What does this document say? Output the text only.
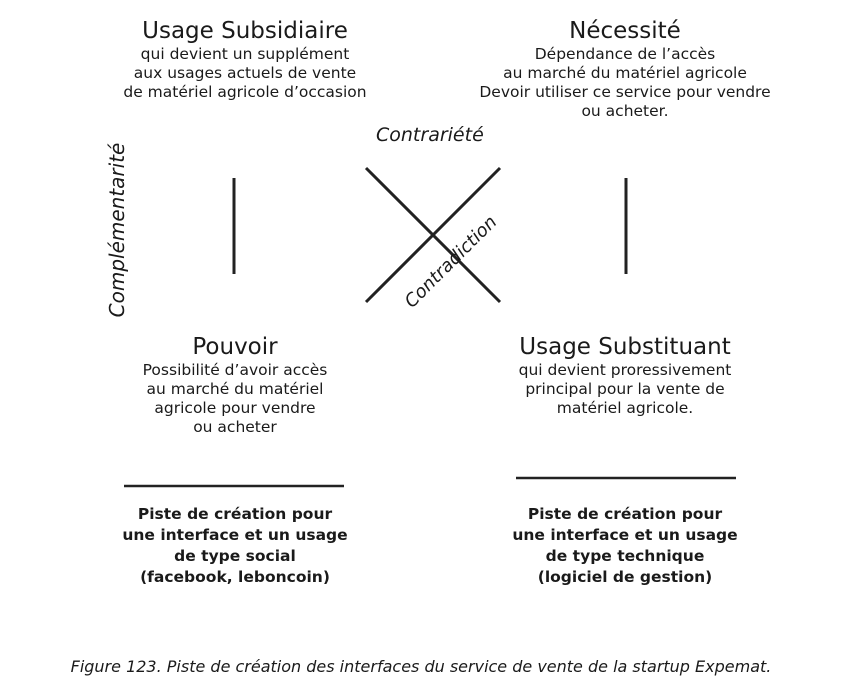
Usage Subsidiaire
qui devient un supplément
aux usages actuels de vente
de matériel agricole d’occasion
Nécessité
Dépendance de l’accès
au marché du matériel agricole
Devoir utiliser ce service pour vendre
ou acheter.
Contrariété
Complémentarité	Contradiction
Pouvoir
Possibilité d’avoir accès
au marché du matériel
agricole pour vendre
ou acheter
Usage Substituant
qui devient proressivement
principal pour la vente de
matériel agricole.
Piste de création pour
une interface et un usage
de type social
(facebook, leboncoin)
Piste de création pour
une interface et un usage
de type technique
(logiciel de gestion)
Figure 123. Piste de création des interfaces du service de vente de la startup Expemat.
